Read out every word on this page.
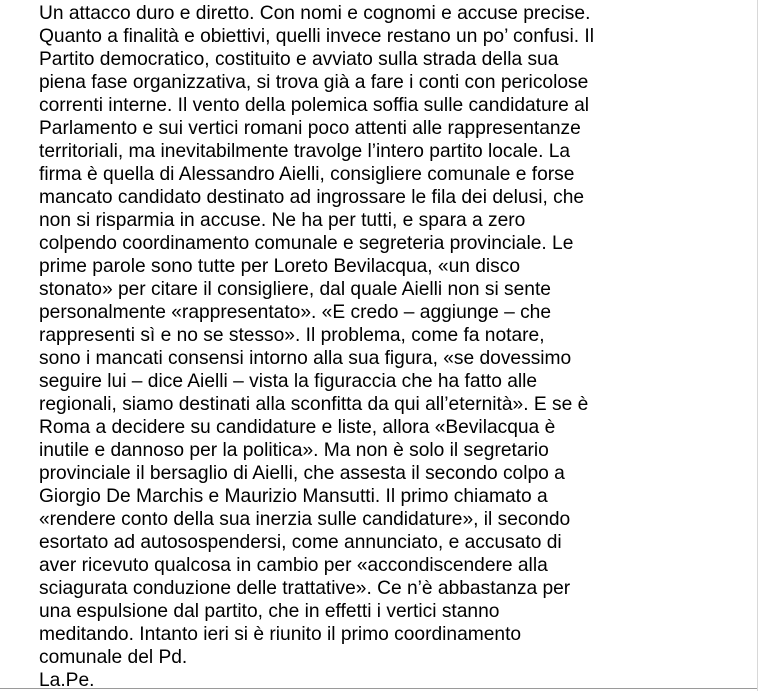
Un attacco duro e diretto. Con nomi e cognomi e accuse precise.
Quanto a finalità e obiettivi, quelli invece restano un po’ confusi. Il
Partito democratico, costituito e avviato sulla strada della sua
piena fase organizzativa, si trova già a fare i conti con pericolose
correnti interne. Il vento della polemica soffia sulle candidature al
Parlamento e sui vertici romani poco attenti alle rappresentanze
territoriali, ma inevitabilmente travolge l’intero partito locale. La
firma è quella di Alessandro Aielli, consigliere comunale e forse
mancato candidato destinato ad ingrossare le fila dei delusi, che
non si risparmia in accuse. Ne ha per tutti, e spara a zero
colpendo coordinamento comunale e segreteria provinciale. Le
prime parole sono tutte per Loreto Bevilacqua, «un disco
stonato» per citare il consigliere, dal quale Aielli non si sente
personalmente «rappresentato». «E credo – aggiunge – che
rappresenti sì e no se stesso». Il problema, come fa notare,
sono i mancati consensi intorno alla sua figura, «se dovessimo
seguire lui – dice Aielli – vista la figuraccia che ha fatto alle
regionali, siamo destinati alla sconfitta da qui all’eternità». E se è
Roma a decidere su candidature e liste, allora «Bevilacqua è
inutile e dannoso per la politica». Ma non è solo il segretario
provinciale il bersaglio di Aielli, che assesta il secondo colpo a
Giorgio De Marchis e Maurizio Mansutti. Il primo chiamato a
«rendere conto della sua inerzia sulle candidature», il secondo
esortato ad autosospendersi, come annunciato, e accusato di
aver ricevuto qualcosa in cambio per «accondiscendere alla
sciagurata conduzione delle trattative». Ce n’è abbastanza per
una espulsione dal partito, che in effetti i vertici stanno
meditando. Intanto ieri si è riunito il primo coordinamento
comunale del Pd.
La.Pe.
